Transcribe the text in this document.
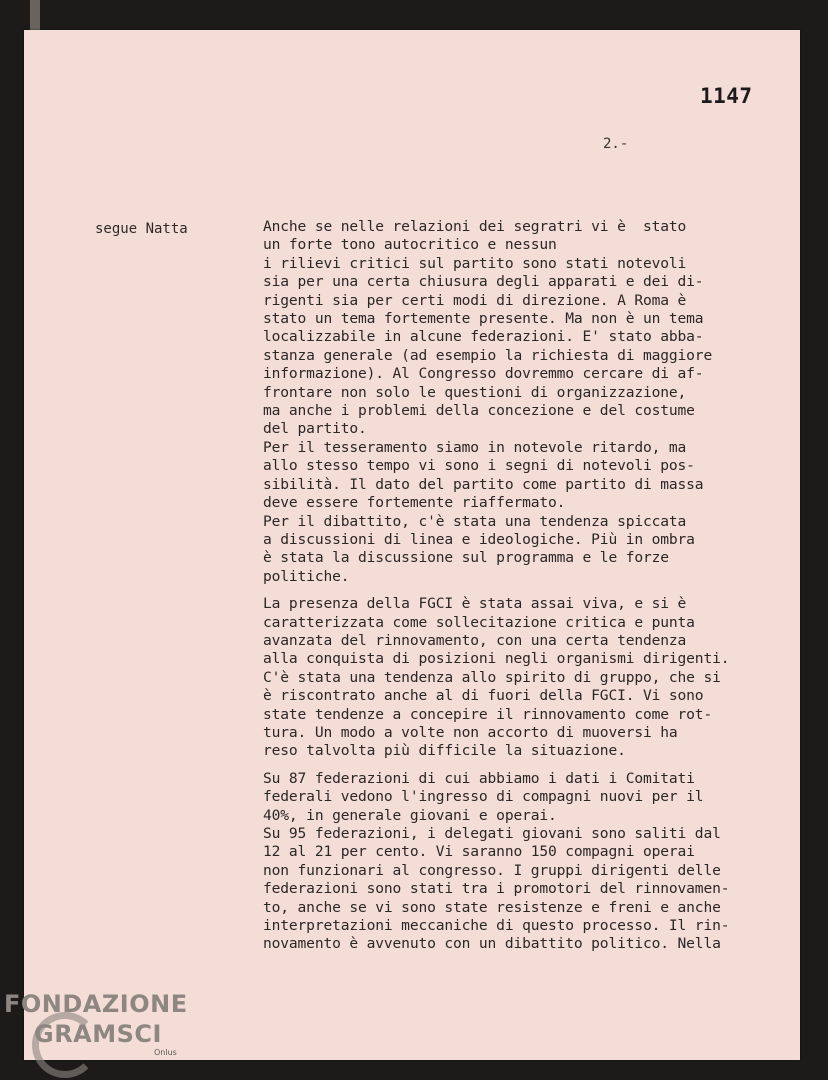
1147
2.-
segue Natta	Anche se nelle relazioni dei segratri vi è  stato
un forte tono autocritico e nessun
i rilievi critici sul partito sono stati notevoli
sia per una certa chiusura degli apparati e dei di-
rigenti sia per certi modi di direzione. A Roma è
stato un tema fortemente presente. Ma non è un tema
localizzabile in alcune federazioni. E' stato abba-
stanza generale (ad esempio la richiesta di maggiore
informazione). Al Congresso dovremmo cercare di af-
frontare non solo le questioni di organizzazione,
ma anche i problemi della concezione e del costume
del partito.
Per il tesseramento siamo in notevole ritardo, ma
allo stesso tempo vi sono i segni di notevoli pos-
sibilità. Il dato del partito come partito di massa
deve essere fortemente riaffermato.
Per il dibattito, c'è stata una tendenza spiccata
a discussioni di linea e ideologiche. Più in ombra
è stata la discussione sul programma e le forze
politiche.
La presenza della FGCI è stata assai viva, e si è
caratterizzata come sollecitazione critica e punta
avanzata del rinnovamento, con una certa tendenza
alla conquista di posizioni negli organismi dirigenti.
C'è stata una tendenza allo spirito di gruppo, che si
è riscontrato anche al di fuori della FGCI. Vi sono
state tendenze a concepire il rinnovamento come rot-
tura. Un modo a volte non accorto di muoversi ha
reso talvolta più difficile la situazione.
Su 87 federazioni di cui abbiamo i dati i Comitati
federali vedono l'ingresso di compagni nuovi per il
40%, in generale giovani e operai.
Su 95 federazioni, i delegati giovani sono saliti dal
12 al 21 per cento. Vi saranno 150 compagni operai
non funzionari al congresso. I gruppi dirigenti delle
federazioni sono stati tra i promotori del rinnovamen-
to, anche se vi sono state resistenze e freni e anche
interpretazioni meccaniche di questo processo. Il rin-
novamento è avvenuto con un dibattito politico. Nella
FONDAZIONE
GRAMSCI
Onlus
